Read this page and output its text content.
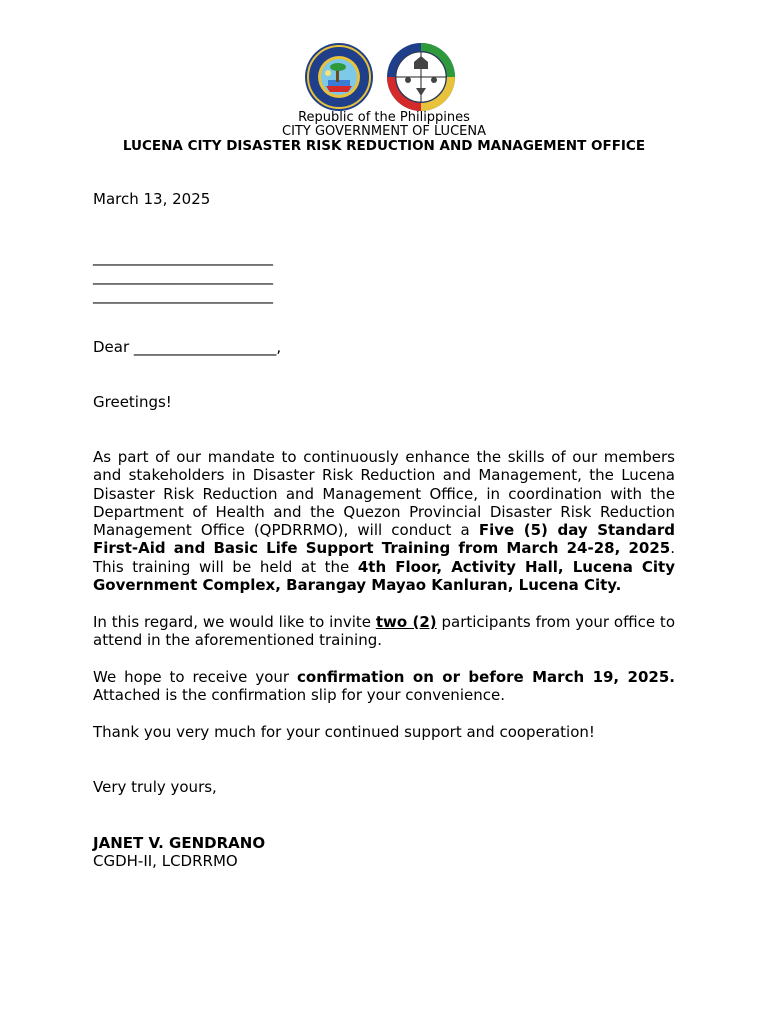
Republic of the Philippines
CITY GOVERNMENT OF LUCENA
LUCENA CITY DISASTER RISK REDUCTION AND MANAGEMENT OFFICE
March 13, 2025
________________________
________________________
________________________
Dear ___________________,
Greetings!
As part of our mandate to continuously enhance the skills of our members and stakeholders in Disaster Risk Reduction and Management, the Lucena Disaster Risk Reduction and Management Office, in coordination with the Department of Health and the Quezon Provincial Disaster Risk Reduction Management Office (QPDRRMO), will conduct a Five (5) day Standard First-Aid and Basic Life Support Training from March 24-28, 2025. This training will be held at the 4th Floor, Activity Hall, Lucena City Government Complex, Barangay Mayao Kanluran, Lucena City.
In this regard, we would like to invite two (2) participants from your office to attend in the aforementioned training.
We hope to receive your confirmation on or before March 19, 2025. Attached is the confirmation slip for your convenience.
Thank you very much for your continued support and cooperation!
Very truly yours,
JANET V. GENDRANO
CGDH-II, LCDRRMO
